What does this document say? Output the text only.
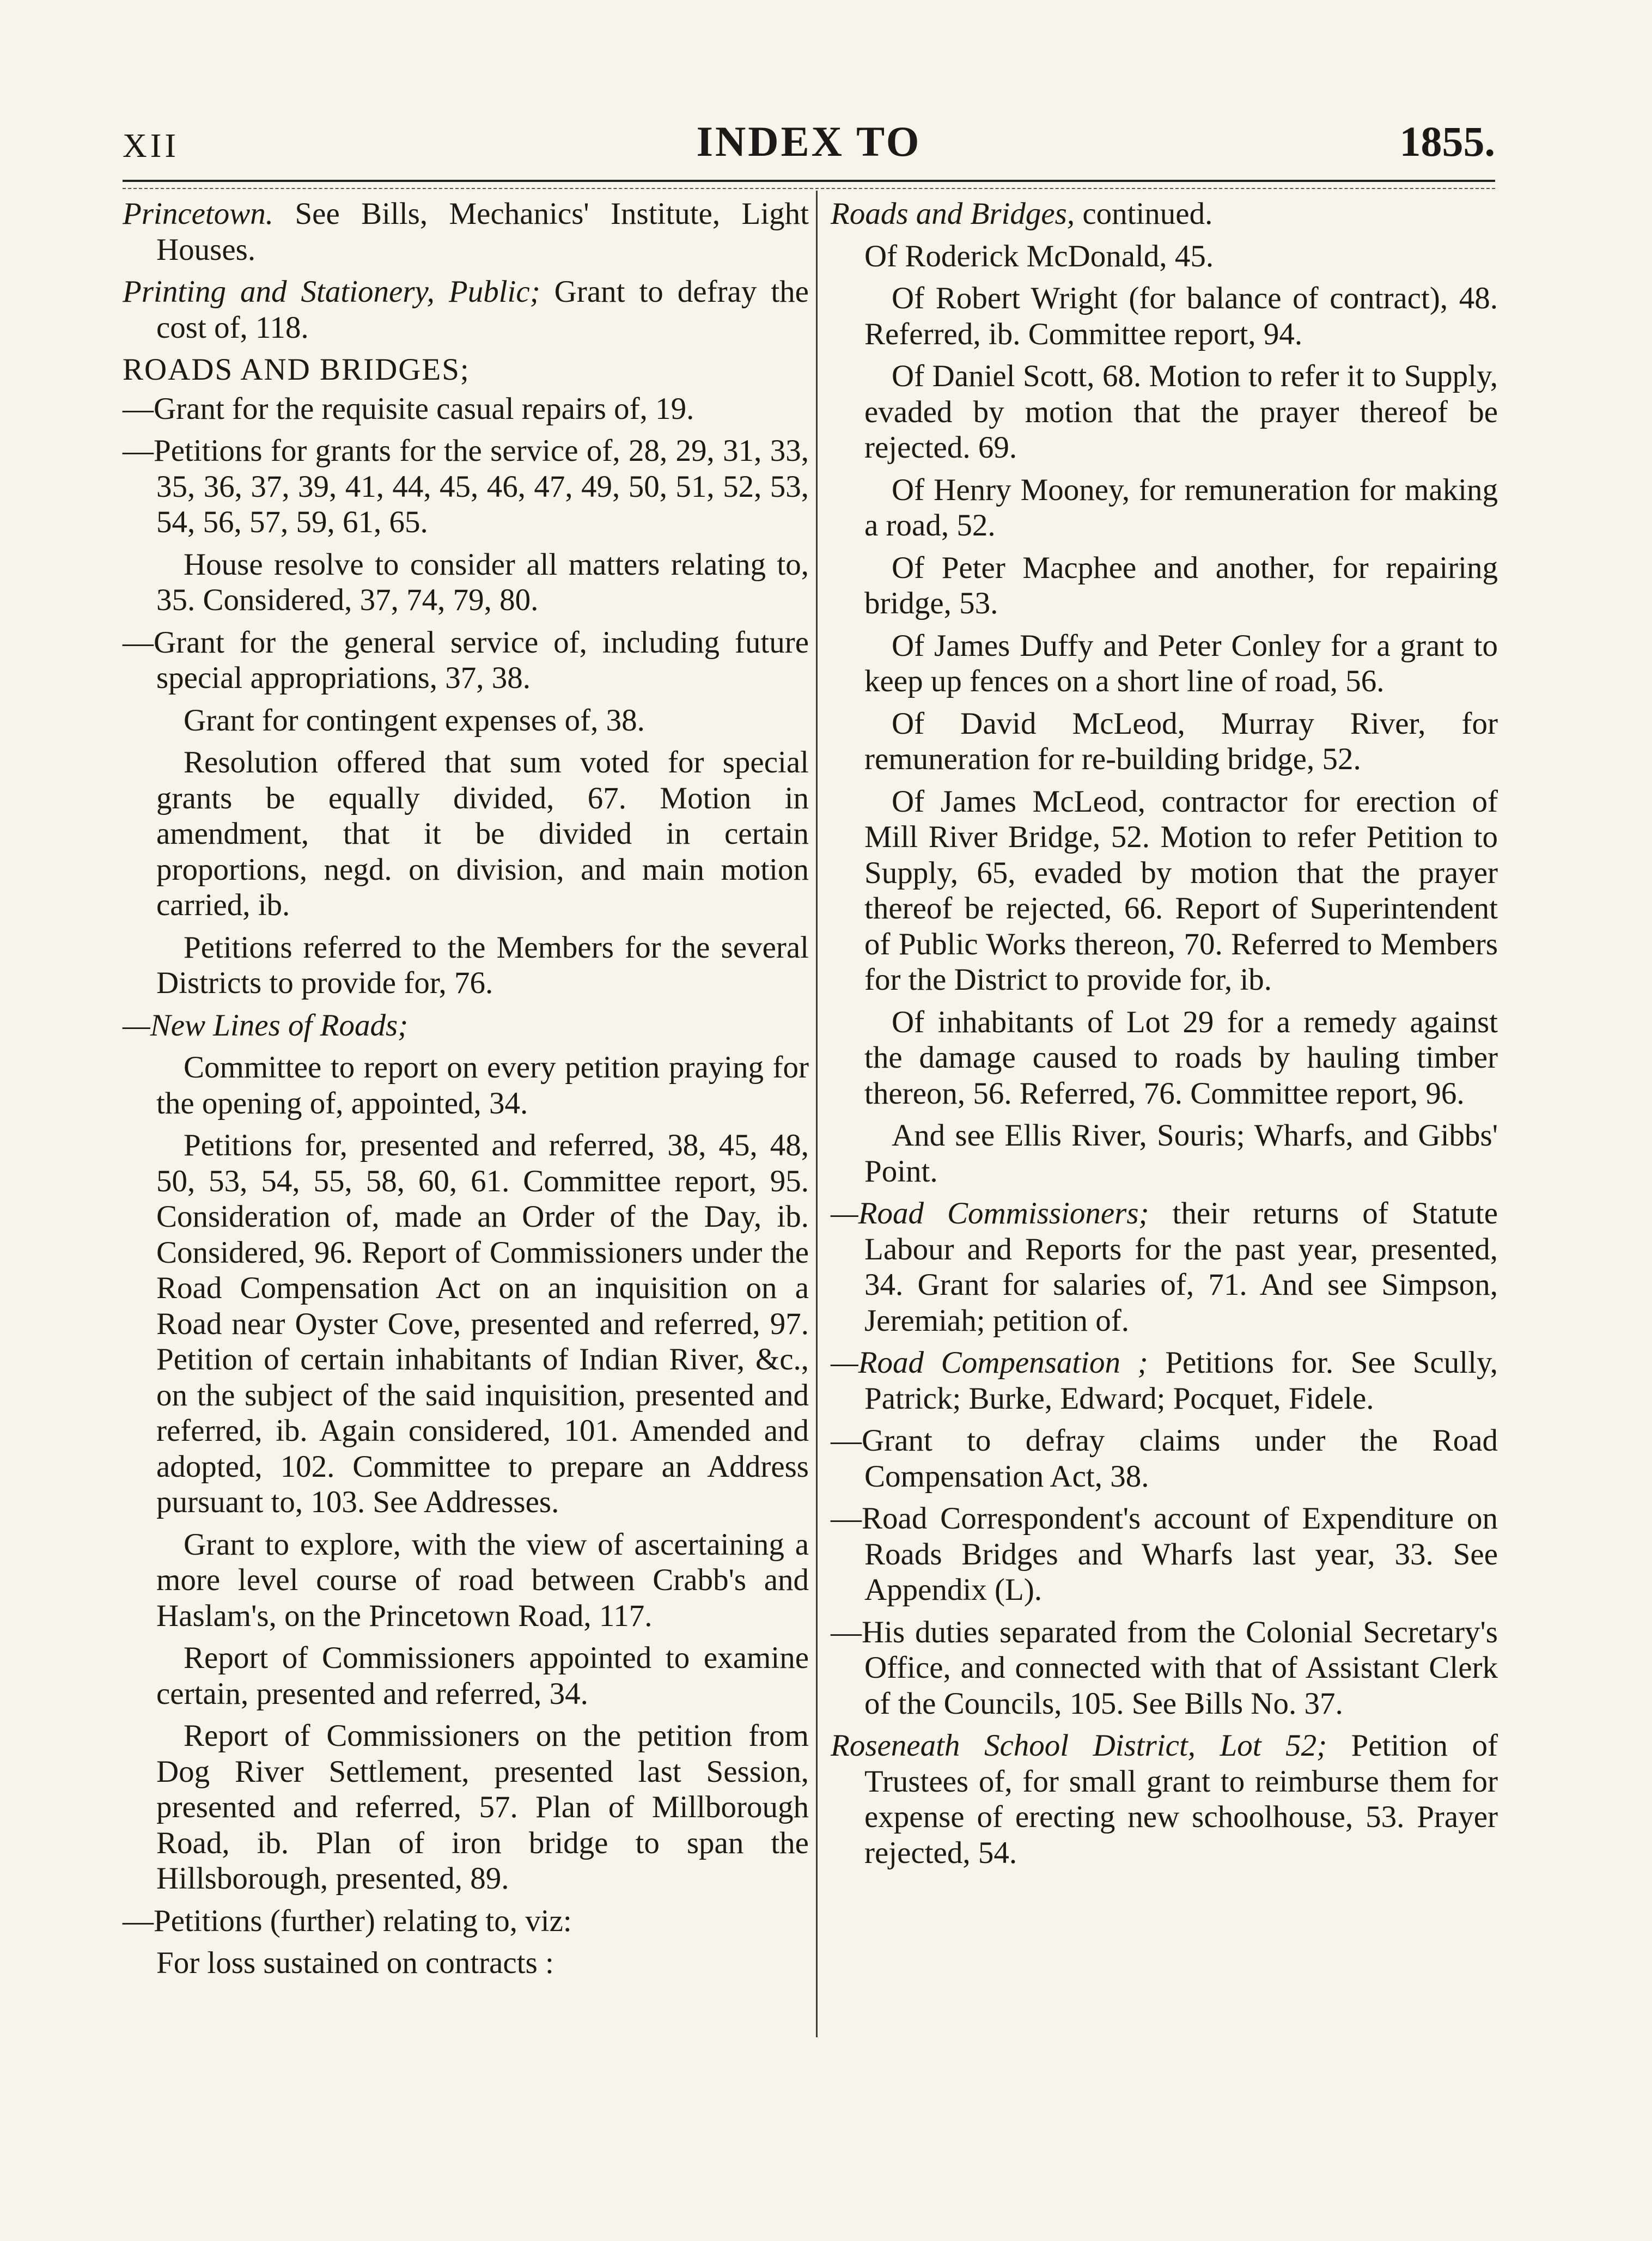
XII	INDEX TO	1855.
Princetown. See Bills, Mechanics' Institute, Light Houses.
Printing and Stationery, Public; Grant to defray the cost of, 118.
ROADS AND BRIDGES;
—Grant for the requisite casual repairs of, 19.
—Petitions for grants for the service of, 28, 29, 31, 33, 35, 36, 37, 39, 41, 44, 45, 46, 47, 49, 50, 51, 52, 53, 54, 56, 57, 59, 61, 65.
House resolve to consider all matters relating to, 35. Considered, 37, 74, 79, 80.
—Grant for the general service of, including future special appropriations, 37, 38.
Grant for contingent expenses of, 38.
Resolution offered that sum voted for special grants be equally divided, 67. Motion in amendment, that it be divided in certain proportions, negd. on division, and main motion carried, ib.
Petitions referred to the Members for the several Districts to provide for, 76.
—New Lines of Roads;
Committee to report on every petition praying for the opening of, appointed, 34.
Petitions for, presented and referred, 38, 45, 48, 50, 53, 54, 55, 58, 60, 61. Committee report, 95. Consideration of, made an Order of the Day, ib. Considered, 96. Report of Commissioners under the Road Compensation Act on an inquisition on a Road near Oyster Cove, presented and referred, 97. Petition of certain inhabitants of Indian River, &c., on the subject of the said inquisition, presented and referred, ib. Again considered, 101. Amended and adopted, 102. Committee to prepare an Address pursuant to, 103. See Addresses.
Grant to explore, with the view of ascertaining a more level course of road between Crabb's and Haslam's, on the Princetown Road, 117.
Report of Commissioners appointed to examine certain, presented and referred, 34.
Report of Commissioners on the petition from Dog River Settlement, presented last Session, presented and referred, 57. Plan of Millborough Road, ib. Plan of iron bridge to span the Hillsborough, presented, 89.
—Petitions (further) relating to, viz:
For loss sustained on contracts :
Roads and Bridges, continued.
Of Roderick McDonald, 45.
Of Robert Wright (for balance of contract), 48. Referred, ib. Committee report, 94.
Of Daniel Scott, 68. Motion to refer it to Supply, evaded by motion that the prayer thereof be rejected. 69.
Of Henry Mooney, for remuneration for making a road, 52.
Of Peter Macphee and another, for repairing bridge, 53.
Of James Duffy and Peter Conley for a grant to keep up fences on a short line of road, 56.
Of David McLeod, Murray River, for remuneration for re-building bridge, 52.
Of James McLeod, contractor for erection of Mill River Bridge, 52. Motion to refer Petition to Supply, 65, evaded by motion that the prayer thereof be rejected, 66. Report of Superintendent of Public Works thereon, 70. Referred to Members for the District to provide for, ib.
Of inhabitants of Lot 29 for a remedy against the damage caused to roads by hauling timber thereon, 56. Referred, 76. Committee report, 96.
And see Ellis River, Souris; Wharfs, and Gibbs' Point.
—Road Commissioners; their returns of Statute Labour and Reports for the past year, presented, 34. Grant for salaries of, 71. And see Simpson, Jeremiah; petition of.
—Road Compensation ; Petitions for. See Scully, Patrick; Burke, Edward; Pocquet, Fidele.
—Grant to defray claims under the Road Compensation Act, 38.
—Road Correspondent's account of Expenditure on Roads Bridges and Wharfs last year, 33. See Appendix (L).
—His duties separated from the Colonial Secretary's Office, and connected with that of Assistant Clerk of the Councils, 105. See Bills No. 37.
Roseneath School District, Lot 52; Petition of Trustees of, for small grant to reimburse them for expense of erecting new schoolhouse, 53. Prayer rejected, 54.
